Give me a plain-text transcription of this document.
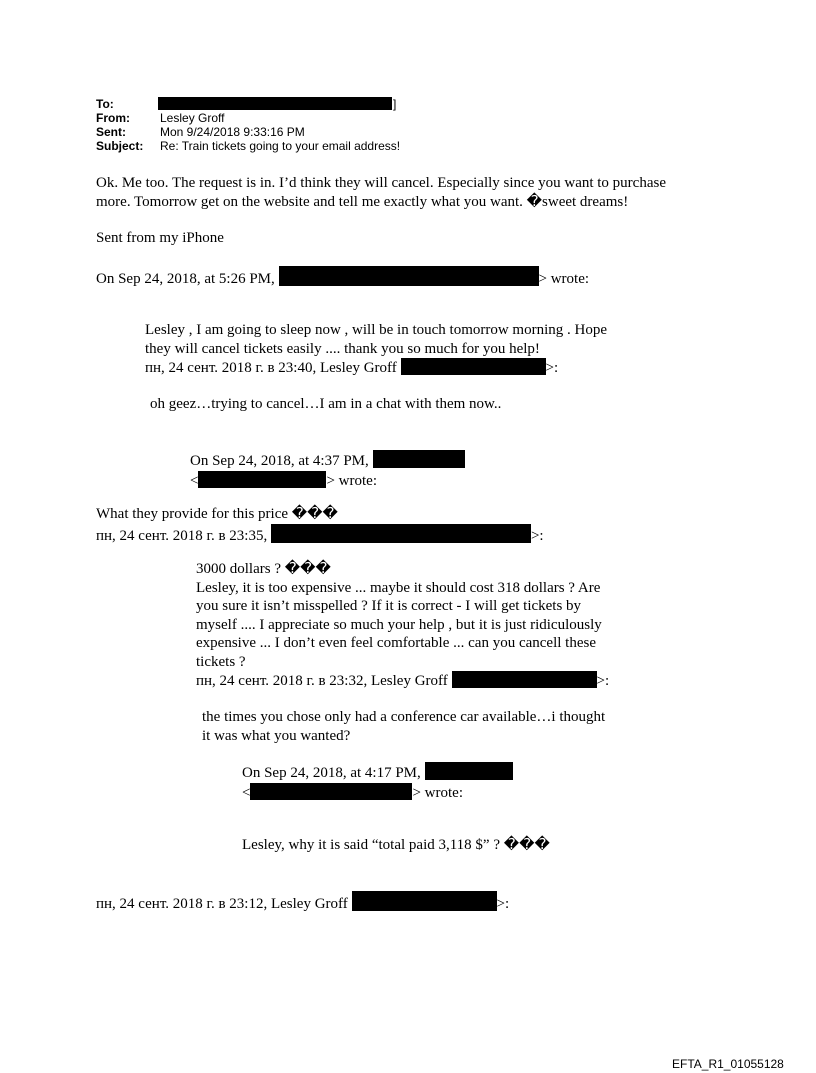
To:	]
From:	Lesley Groff
Sent:	Mon 9/24/2018 9:33:16 PM
Subject: Re: Train tickets going to your email address!
Ok. Me too. The request is in. I’d think they will cancel. Especially since you want to purchase
more. Tomorrow get on the website and tell me exactly what you want. �sweet dreams!
Sent from my iPhone
On Sep 24, 2018, at 5:26 PM,	> wrote:
Lesley , I am going to sleep now , will be in touch tomorrow morning . Hope
they will cancel tickets easily .... thank you so much for you help!
пн, 24 сент. 2018 г. в 23:40, Lesley Groff	>:
oh geez…trying to cancel…I am in a chat with them now..
On Sep 24, 2018, at 4:37 PM,
<	> wrote:
What they provide for this price ���
пн, 24 сент. 2018 г. в 23:35,	>:
3000 dollars ? ���
Lesley, it is too expensive ... maybe it should cost 318 dollars ? Are
you sure it isn’t misspelled ? If it is correct - I will get tickets by
myself .... I appreciate so much your help , but it is just ridiculously
expensive ... I don’t even feel comfortable ... can you cancell these
tickets ?
пн, 24 сент. 2018 г. в 23:32, Lesley Groff	>:
the times you chose only had a conference car available…i thought
it was what you wanted?
On Sep 24, 2018, at 4:17 PM,
<	> wrote:
Lesley, why it is said “total paid 3,118 $” ? ���
пн, 24 сент. 2018 г. в 23:12, Lesley Groff	>:
EFTA_R1_01055128
